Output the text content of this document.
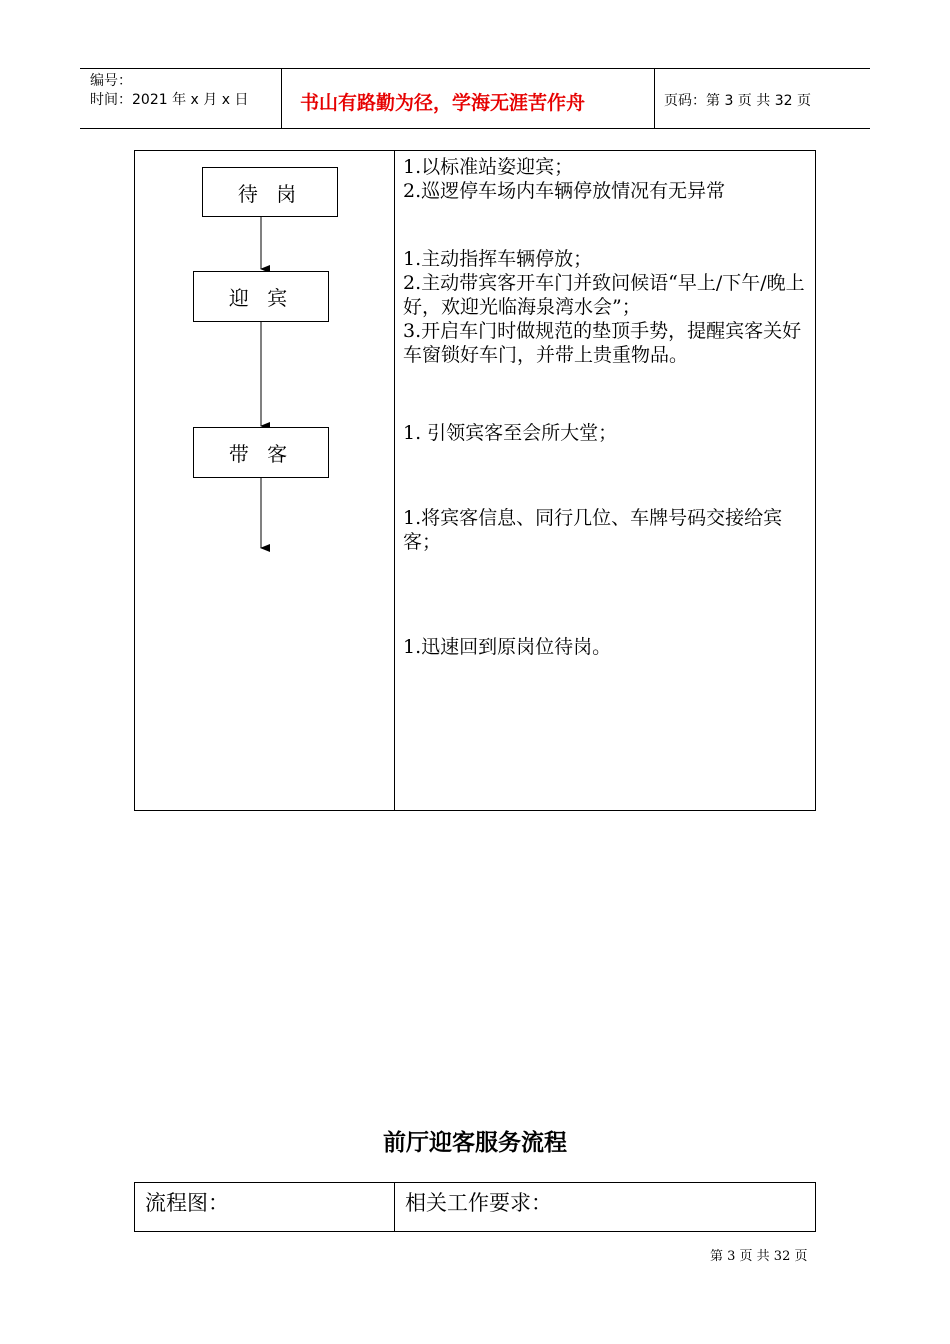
编号：
时间：2021 年 x 月 x 日	书山有路勤为径，学海无涯苦作舟	页码：第 3 页 共 32 页
待 岗
迎 宾
带 客
1.以标准站姿迎宾；
2.巡逻停车场内车辆停放情况有无异常
1.主动指挥车辆停放；
2.主动带宾客开车门并致问候语“早上/下午/晚上好，欢迎光临海泉湾水会”；
3.开启车门时做规范的垫顶手势，提醒宾客关好车窗锁好车门，并带上贵重物品。
1. 引领宾客至会所大堂；
1.将宾客信息、同行几位、车牌号码交接给宾客；
1.迅速回到原岗位待岗。
前厅迎客服务流程
流程图：	相关工作要求：
第 3 页 共 32 页
